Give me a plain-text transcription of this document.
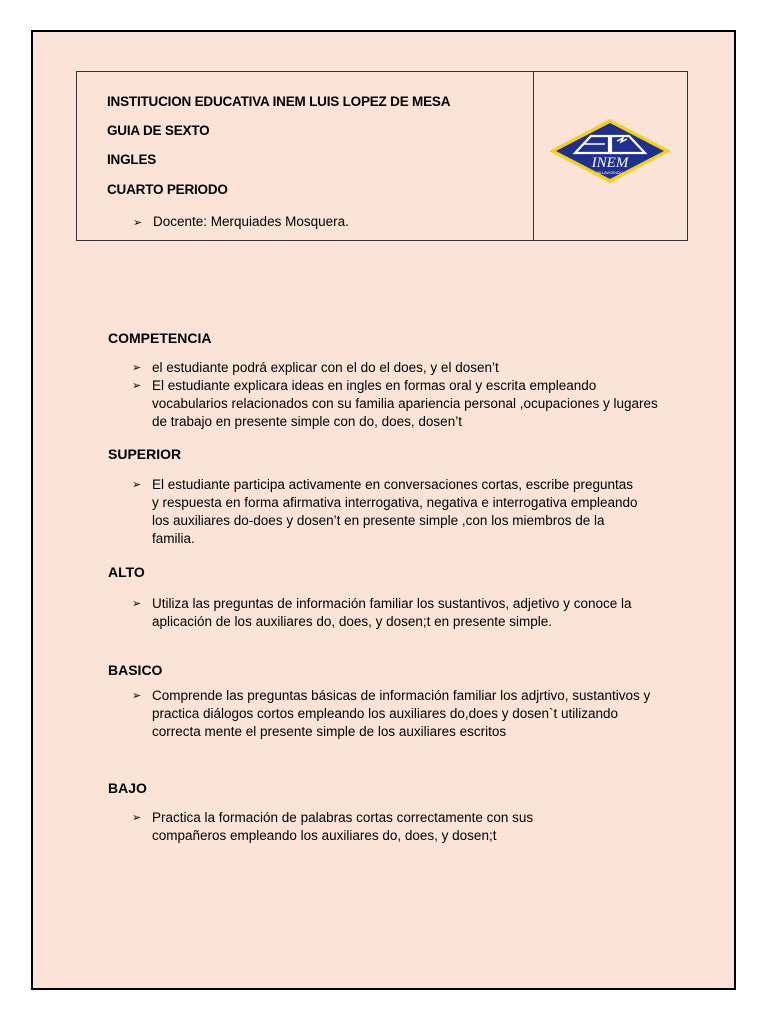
INSTITUCION EDUCATIVA INEM LUIS LOPEZ DE MESA
GUIA DE SEXTO
INGLES
CUARTO PERIODO
➢ Docente: Merquiades Mosquera.
INEM
VILLAVICENCIO
COMPETENCIA
➢ el estudiante podrá explicar con el do el does, y el dosen’t
➢ El estudiante explicara ideas en ingles en formas oral y escrita empleando vocabularios relacionados con su familia apariencia personal ,ocupaciones y lugares de trabajo en presente simple con do, does, dosen’t
SUPERIOR
➢ El estudiante participa activamente en conversaciones cortas, escribe preguntas y respuesta en forma afirmativa interrogativa, negativa e interrogativa empleando los auxiliares do-does y dosen’t en presente simple ,con los miembros de la familia.
ALTO
➢ Utiliza las preguntas de información familiar los sustantivos, adjetivo y conoce la aplicación de los auxiliares do, does, y dosen;t en presente simple.
BASICO
➢ Comprende las preguntas básicas de información familiar los adjrtivo, sustantivos y practica diálogos cortos empleando los auxiliares do,does y dosen`t utilizando correcta mente el presente simple de los auxiliares escritos
BAJO
➢ Practica la formación de palabras cortas correctamente con sus compañeros empleando los auxiliares do, does, y dosen;t
